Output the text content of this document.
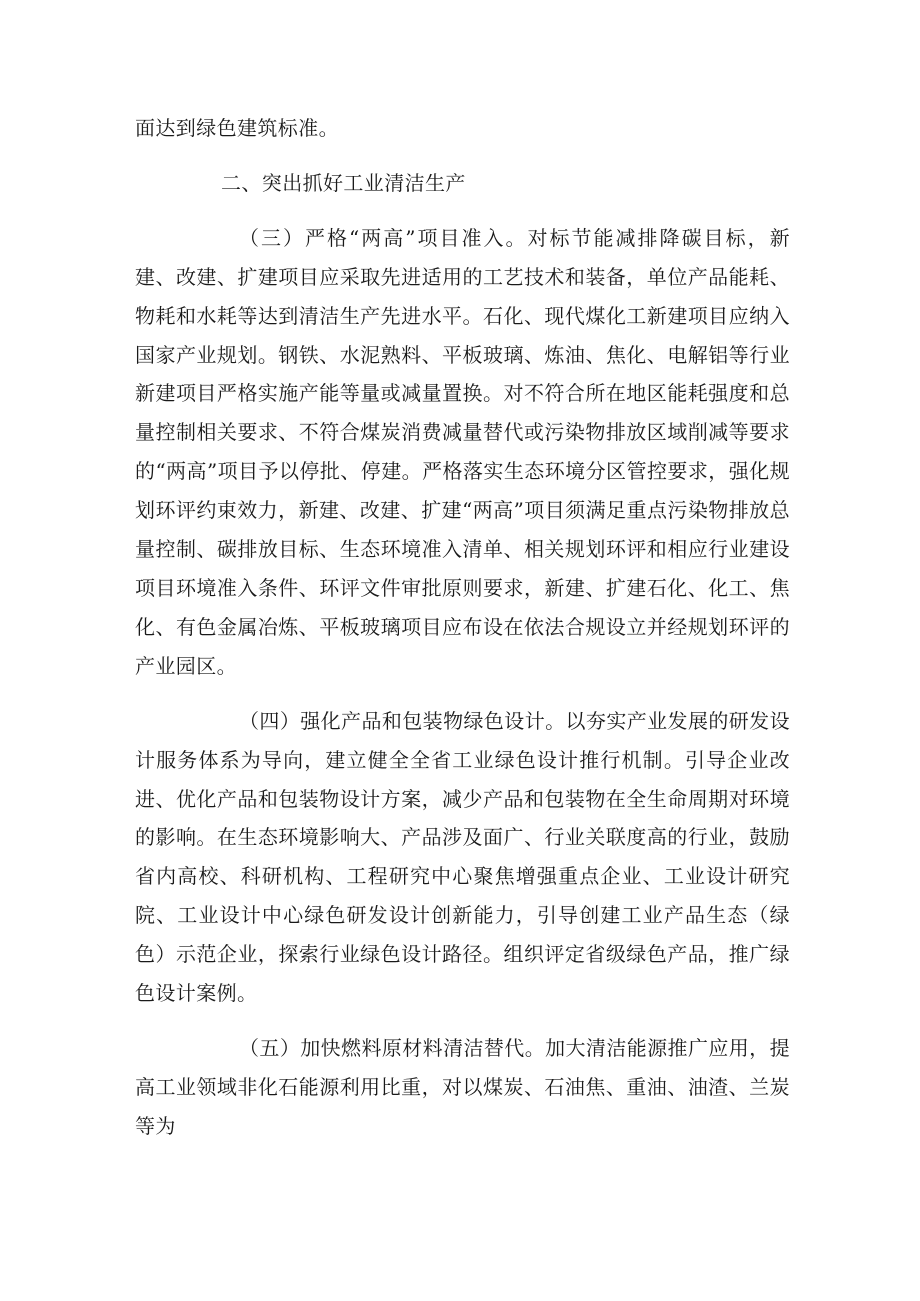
面达到绿色建筑标准。

二、突出抓好工业清洁生产

（三）严格“两高”项目准入。对标节能减排降碳目标，新建、改建、扩建项目应采取先进适用的工艺技术和装备，单位产品能耗、物耗和水耗等达到清洁生产先进水平。石化、现代煤化工新建项目应纳入国家产业规划。钢铁、水泥熟料、平板玻璃、炼油、焦化、电解铝等行业新建项目严格实施产能等量或减量置换。对不符合所在地区能耗强度和总量控制相关要求、不符合煤炭消费减量替代或污染物排放区域削减等要求的“两高”项目予以停批、停建。严格落实生态环境分区管控要求，强化规划环评约束效力，新建、改建、扩建“两高”项目须满足重点污染物排放总量控制、碳排放目标、生态环境准入清单、相关规划环评和相应行业建设项目环境准入条件、环评文件审批原则要求，新建、扩建石化、化工、焦化、有色金属冶炼、平板玻璃项目应布设在依法合规设立并经规划环评的产业园区。

（四）强化产品和包装物绿色设计。以夯实产业发展的研发设计服务体系为导向，建立健全全省工业绿色设计推行机制。引导企业改进、优化产品和包装物设计方案，减少产品和包装物在全生命周期对环境的影响。在生态环境影响大、产品涉及面广、行业关联度高的行业，鼓励省内高校、科研机构、工程研究中心聚焦增强重点企业、工业设计研究院、工业设计中心绿色研发设计创新能力，引导创建工业产品生态（绿色）示范企业，探索行业绿色设计路径。组织评定省级绿色产品，推广绿色设计案例。

（五）加快燃料原材料清洁替代。加大清洁能源推广应用，提高工业领域非化石能源利用比重，对以煤炭、石油焦、重油、油渣、兰炭等为
